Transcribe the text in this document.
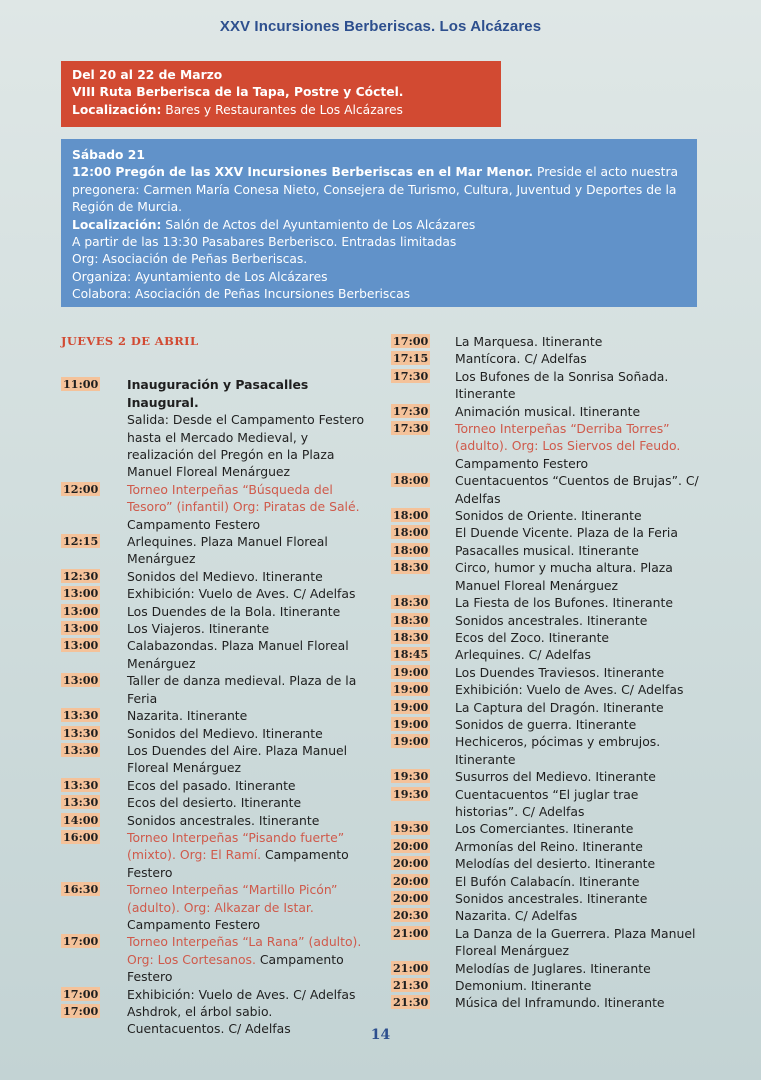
XXV Incursiones Berberiscas. Los Alcázares
Del 20 al 22 de Marzo
VIII Ruta Berberisca de la Tapa, Postre y Cóctel.
Localización: Bares y Restaurantes de Los Alcázares
Sábado 21
12:00 Pregón de las XXV Incursiones Berberiscas en el Mar Menor. Preside el acto nuestra pregonera: Carmen María Conesa Nieto, Consejera de Turismo, Cultura, Juventud y Deportes de la Región de Murcia.
Localización: Salón de Actos del Ayuntamiento de Los Alcázares
A partir de las 13:30 Pasabares Berberisco. Entradas limitadas
Org: Asociación de Peñas Berberiscas.
Organiza: Ayuntamiento de Los Alcázares
Colabora: Asociación de Peñas Incursiones Berberiscas
JUEVES 2 DE ABRIL
11:00	Inauguración y Pasacalles Inaugural.
Salida: Desde el Campamento Festero hasta el Mercado Medieval, y realización del Pregón en la Plaza Manuel Floreal Menárguez
12:00	Torneo Interpeñas “Búsqueda del Tesoro” (infantil) Org: Piratas de Salé. Campamento Festero
12:15	Arlequines. Plaza Manuel Floreal Menárguez
12:30	Sonidos del Medievo. Itinerante
13:00	Exhibición: Vuelo de Aves. C/ Adelfas
13:00	Los Duendes de la Bola. Itinerante
13:00	Los Viajeros. Itinerante
13:00	Calabazondas. Plaza Manuel Floreal Menárguez
13:00	Taller de danza medieval. Plaza de la Feria
13:30	Nazarita. Itinerante
13:30	Sonidos del Medievo. Itinerante
13:30	Los Duendes del Aire. Plaza Manuel Floreal Menárguez
13:30	Ecos del pasado. Itinerante
13:30	Ecos del desierto. Itinerante
14:00	Sonidos ancestrales. Itinerante
16:00	Torneo Interpeñas “Pisando fuerte” (mixto). Org: El Ramí. Campamento Festero
16:30	Torneo Interpeñas “Martillo Picón” (adulto). Org: Alkazar de Istar. Campamento Festero
17:00	Torneo Interpeñas “La Rana” (adulto). Org: Los Cortesanos. Campamento Festero
17:00	Exhibición: Vuelo de Aves. C/ Adelfas
17:00	Ashdrok, el árbol sabio. Cuentacuentos. C/ Adelfas
17:00	La Marquesa. Itinerante
17:15	Mantícora. C/ Adelfas
17:30	Los Bufones de la Sonrisa Soñada. Itinerante
17:30	Animación musical. Itinerante
17:30	Torneo Interpeñas “Derriba Torres” (adulto). Org: Los Siervos del Feudo. Campamento Festero
18:00	Cuentacuentos “Cuentos de Brujas”. C/ Adelfas
18:00	Sonidos de Oriente. Itinerante
18:00	El Duende Vicente. Plaza de la Feria
18:00	Pasacalles musical. Itinerante
18:30	Circo, humor y mucha altura. Plaza Manuel Floreal Menárguez
18:30	La Fiesta de los Bufones. Itinerante
18:30	Sonidos ancestrales. Itinerante
18:30	Ecos del Zoco. Itinerante
18:45	Arlequines. C/ Adelfas
19:00	Los Duendes Traviesos. Itinerante
19:00	Exhibición: Vuelo de Aves. C/ Adelfas
19:00	La Captura del Dragón. Itinerante
19:00	Sonidos de guerra. Itinerante
19:00	Hechiceros, pócimas y embrujos. Itinerante
19:30	Susurros del Medievo. Itinerante
19:30	Cuentacuentos “El juglar trae historias”. C/ Adelfas
19:30	Los Comerciantes. Itinerante
20:00	Armonías del Reino. Itinerante
20:00	Melodías del desierto. Itinerante
20:00	El Bufón Calabacín. Itinerante
20:00	Sonidos ancestrales. Itinerante
20:30	Nazarita. C/ Adelfas
21:00	La Danza de la Guerrera. Plaza Manuel Floreal Menárguez
21:00	Melodías de Juglares. Itinerante
21:30	Demonium. Itinerante
21:30	Música del Inframundo. Itinerante
14
